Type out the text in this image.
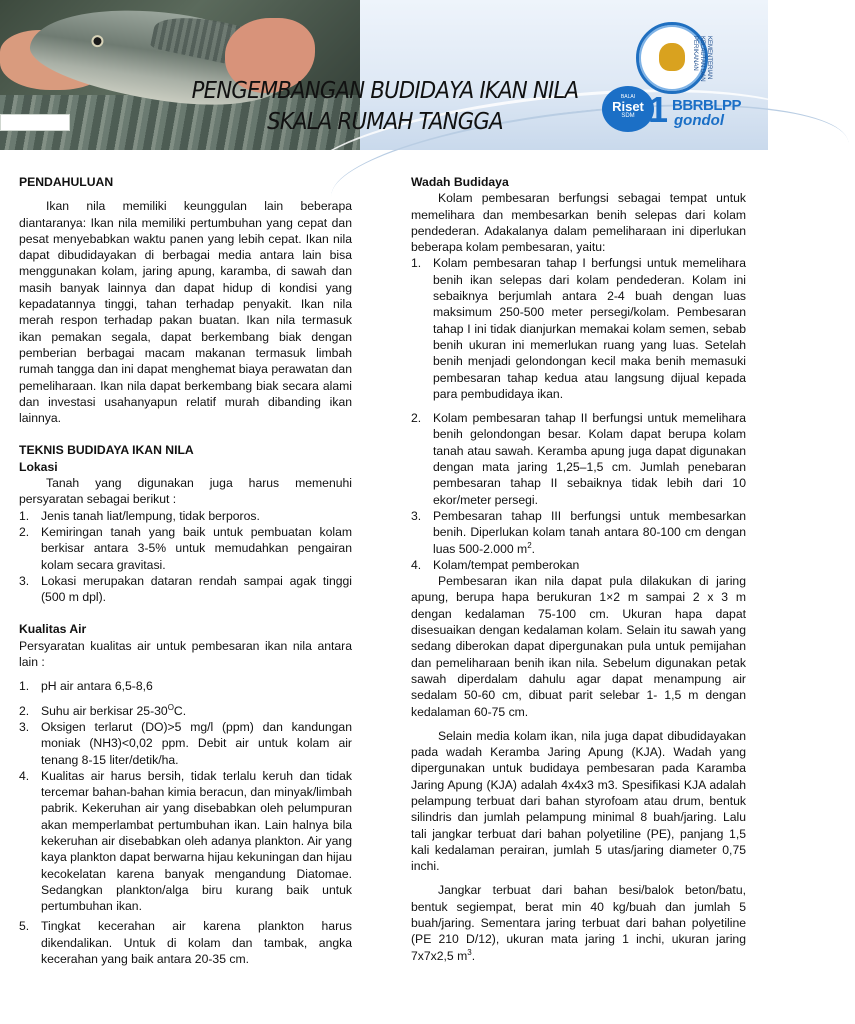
PENGEMBANGAN BUDIDAYA IKAN NILA
SKALA RUMAH TANGGA
KEMENTERIAN KELAUTAN DAN PERIKANAN
BALAI
Riset
SDM 1 BBRBLPP
gondol
PENDAHULUAN

Ikan nila memiliki keunggulan lain beberapa diantaranya: Ikan nila memiliki pertumbuhan yang cepat dan pesat menyebabkan waktu panen yang lebih cepat. Ikan nila dapat dibudidayakan di berbagai media antara lain bisa menggunakan kolam, jaring apung, karamba, di sawah dan masih banyak lainnya dan dapat hidup di kondisi yang kepadatannya tinggi, tahan terhadap penyakit. Ikan nila merah respon terhadap pakan buatan. Ikan nila termasuk ikan pemakan segala, dapat berkembang biak dengan pemberian berbagai macam makanan termasuk limbah rumah tangga dan ini dapat menghemat biaya perawatan dan pemeliharaan. Ikan nila dapat berkembang biak secara alami dan investasi usahanyapun relatif murah dibanding ikan lainnya.

TEKNIS BUDIDAYA IKAN NILA
Lokasi

Tanah yang digunakan juga harus memenuhi persyaratan sebagai berikut :

1. Jenis tanah liat/lempung, tidak berporos.
2. Kemiringan tanah yang baik untuk pembuatan kolam berkisar antara 3-5% untuk memudahkan pengairan kolam secara gravitasi.
3. Lokasi merupakan dataran rendah sampai agak tinggi (500 m dpl).
Kualitas Air

Persyaratan kualitas air untuk pembesaran ikan nila antara lain :

1. pH air antara 6,5-8,6
2. Suhu air berkisar $25-30^OC$.
3. Oksigen terlarut (DO)>5 mg/l (ppm) dan kandungan moniak (NH3)<0,02 ppm. Debit air untuk kolam air tenang 8-15 liter/detik/ha.
4. Kualitas air harus bersih, tidak terlalu keruh dan tidak tercemar bahan-bahan kimia beracun, dan minyak/limbah pabrik. Kekeruhan air yang disebabkan oleh pelumpuran akan memperlambat pertumbuhan ikan. Lain halnya bila kekeruhan air disebabkan oleh adanya plankton. Air yang kaya plankton dapat berwarna hijau kekuningan dan hijau kecokelatan karena banyak mengandung Diatomae. Sedangkan plankton/alga biru kurang baik untuk pertumbuhan ikan.
5. Tingkat kecerahan air karena plankton harus dikendalikan. Untuk di kolam dan tambak, angka kecerahan yang baik antara 20-35 cm.
Wadah Budidaya

Kolam pembesaran berfungsi sebagai tempat untuk memelihara dan membesarkan benih selepas dari kolam pendederan. Adakalanya dalam pemeliharaan ini diperlukan beberapa kolam pembesaran, yaitu:

1. Kolam pembesaran tahap I berfungsi untuk memelihara benih ikan selepas dari kolam pendederan. Kolam ini sebaiknya berjumlah antara 2-4 buah dengan luas maksimum 250-500 meter persegi/kolam. Pembesaran tahap I ini tidak dianjurkan memakai kolam semen, sebab benih ukuran ini memerlukan ruang yang luas. Setelah benih menjadi gelondongan kecil maka benih memasuki pembesaran tahap kedua atau langsung dijual kepada para pembudidaya ikan.
2. Kolam pembesaran tahap II berfungsi untuk memelihara benih gelondongan besar. Kolam dapat berupa kolam tanah atau sawah. Keramba apung juga dapat digunakan dengan mata jaring 1,25–1,5 cm. Jumlah penebaran pembesaran tahap II sebaiknya tidak lebih dari 10 ekor/meter persegi.
3. Pembesaran tahap III berfungsi untuk membesarkan benih. Diperlukan kolam tanah antara 80-100 cm dengan luas 500-2.000 $m^2$.
4. Kolam/tempat pemberokan

Pembesaran ikan nila dapat pula dilakukan di jaring apung, berupa hapa berukuran 1×2 m sampai 2 x 3 m dengan kedalaman 75-100 cm. Ukuran hapa dapat disesuaikan dengan kedalaman kolam. Selain itu sawah yang sedang diberokan dapat dipergunakan pula untuk pemijahan dan pemeliharaan benih ikan nila. Sebelum digunakan petak sawah diperdalam dahulu agar dapat menampung air sedalam 50-60 cm, dibuat parit selebar 1- 1,5 m dengan kedalaman 60-75 cm.

Selain media kolam ikan, nila juga dapat dibudidayakan pada wadah Keramba Jaring Apung (KJA). Wadah yang dipergunakan untuk budidaya pembesaran pada Karamba Jaring Apung (KJA) adalah 4x4x3 m3. Spesifikasi KJA adalah pelampung terbuat dari bahan styrofoam atau drum, bentuk silindris dan jumlah pelampung minimal 8 buah/jaring. Lalu tali jangkar terbuat dari bahan polyetiline (PE), panjang 1,5 kali kedalaman perairan, jumlah 5 utas/jaring diameter 0,75 inchi.

Jangkar terbuat dari bahan besi/balok beton/batu, bentuk segiempat, berat min 40 kg/buah dan jumlah 5 buah/jaring. Sementara jaring terbuat dari bahan polyetiline (PE 210 D/12), ukuran mata jaring 1 inchi, ukuran jaring 7x7x2,5 $m^3$.
